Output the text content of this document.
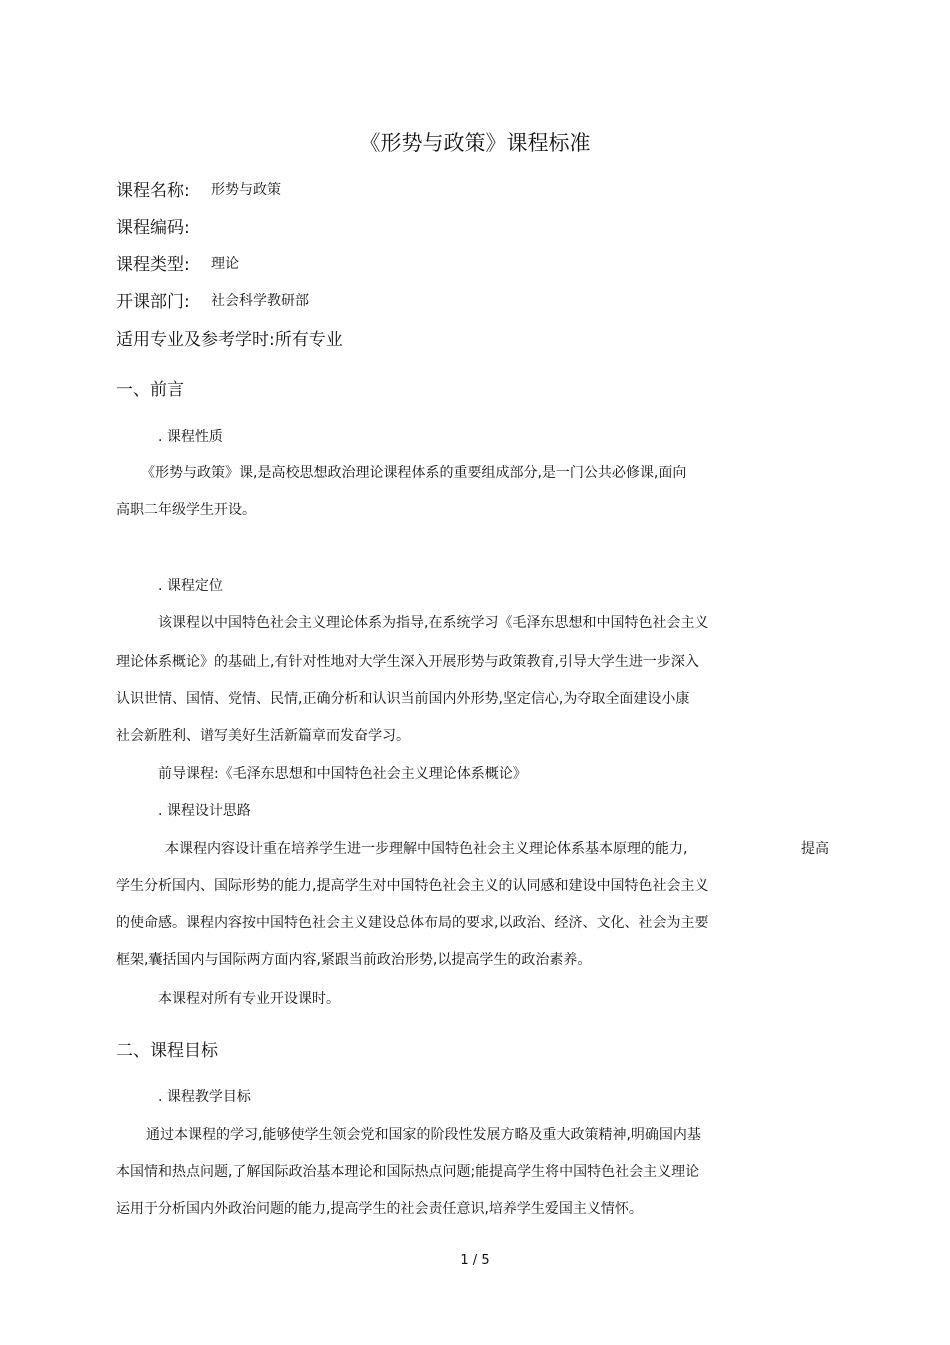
《形势与政策》课程标准
课程名称: 形势与政策
课程编码:
课程类型: 理论
开课部门: 社会科学教研部
适用专业及参考学时:所有专业
一、前言
. 课程性质
《形势与政策》课,是高校思想政治理论课程体系的重要组成部分,是一门公共必修课,面向
高职二年级学生开设。
. 课程定位
该课程以中国特色社会主义理论体系为指导,在系统学习《毛泽东思想和中国特色社会主义
理论体系概论》的基础上,有针对性地对大学生深入开展形势与政策教育,引导大学生进一步深入
认识世情、国情、党情、民情,正确分析和认识当前国内外形势,坚定信心,为夺取全面建设小康
社会新胜利、谱写美好生活新篇章而发奋学习。
前导课程:《毛泽东思想和中国特色社会主义理论体系概论》
. 课程设计思路
本课程内容设计重在培养学生进一步理解中国特色社会主义理论体系基本原理的能力,	提高
学生分析国内、国际形势的能力,提高学生对中国特色社会主义的认同感和建设中国特色社会主义
的使命感。课程内容按中国特色社会主义建设总体布局的要求,以政治、经济、文化、社会为主要
框架,囊括国内与国际两方面内容,紧跟当前政治形势,以提高学生的政治素养。
本课程对所有专业开设课时。
二、课程目标
. 课程教学目标
通过本课程的学习,能够使学生领会党和国家的阶段性发展方略及重大政策精神,明确国内基
本国情和热点问题,了解国际政治基本理论和国际热点问题;能提高学生将中国特色社会主义理论
运用于分析国内外政治问题的能力,提高学生的社会责任意识,培养学生爱国主义情怀。
1 / 5
